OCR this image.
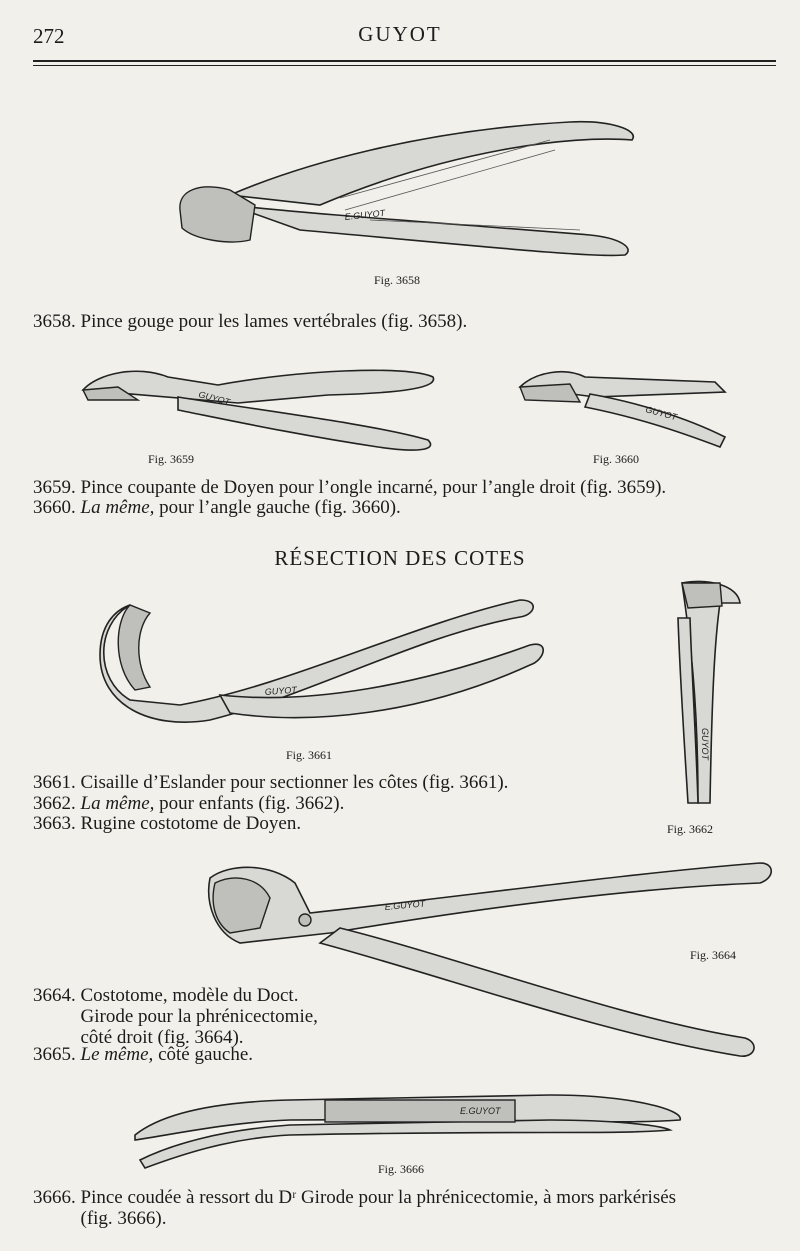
272	GUYOT
E.GUYOT
Fig. 3658
3658. Pince gouge pour les lames vertébrales (fig. 3658).
GUYOT
Fig. 3659
GUYOT
Fig. 3660
3659. Pince coupante de Doyen pour l’ongle incarné, pour l’angle droit (fig. 3659).
3660. La même, pour l’angle gauche (fig. 3660).
RÉSECTION DES COTES
GUYOT
Fig. 3661	GUYOT
Fig. 3662
3661. Cisaille d’Eslander pour sectionner les côtes (fig. 3661).
3662. La même, pour enfants (fig. 3662).
3663. Rugine costotome de Doyen.
E.GUYOT
Fig. 3664
3664. Costotome, modèle du Doct.
Girode pour la phrénicectomie,
côté droit (fig. 3664).
3665. Le même, côté gauche.
E.GUYOT
Fig. 3666
3666. Pince coudée à ressort du Dʳ Girode pour la phrénicectomie, à mors parkérisés
(fig. 3666).
